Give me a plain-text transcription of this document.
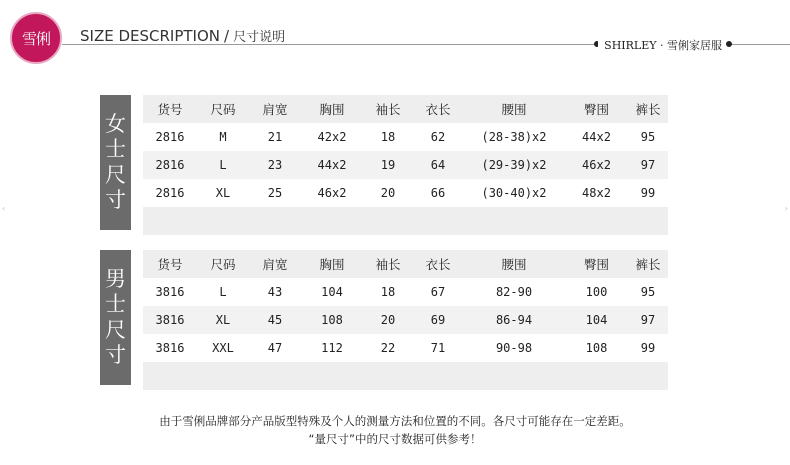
雪俐 SIZE DESCRIPTION / 尺寸说明
SHIRLEY · 雪俐家居服
女
士
尺
寸
货号	尺码	肩宽	胸围	袖长	衣长	腰围	臀围	裤长
2816	M	21	42x2	18	62	(28-38)x2	44x2	95
2816	L	23	44x2	19	64	(29-39)x2	46x2	97
2816	XL	25	46x2	20	66	(30-40)x2	48x2	99
男
士
尺
寸
货号	尺码	肩宽	胸围	袖长	衣长	腰围	臀围	裤长
3816	L	43	104	18	67	82-90	100	95
3816	XL	45	108	20	69	86-94	104	97
3816	XXL	47	112	22	71	90-98	108	99
由于雪俐品牌部分产品版型特殊及个人的测量方法和位置的不同。各尺寸可能存在一定差距。
“量尺寸”中的尺寸数据可供参考！
‹	›
